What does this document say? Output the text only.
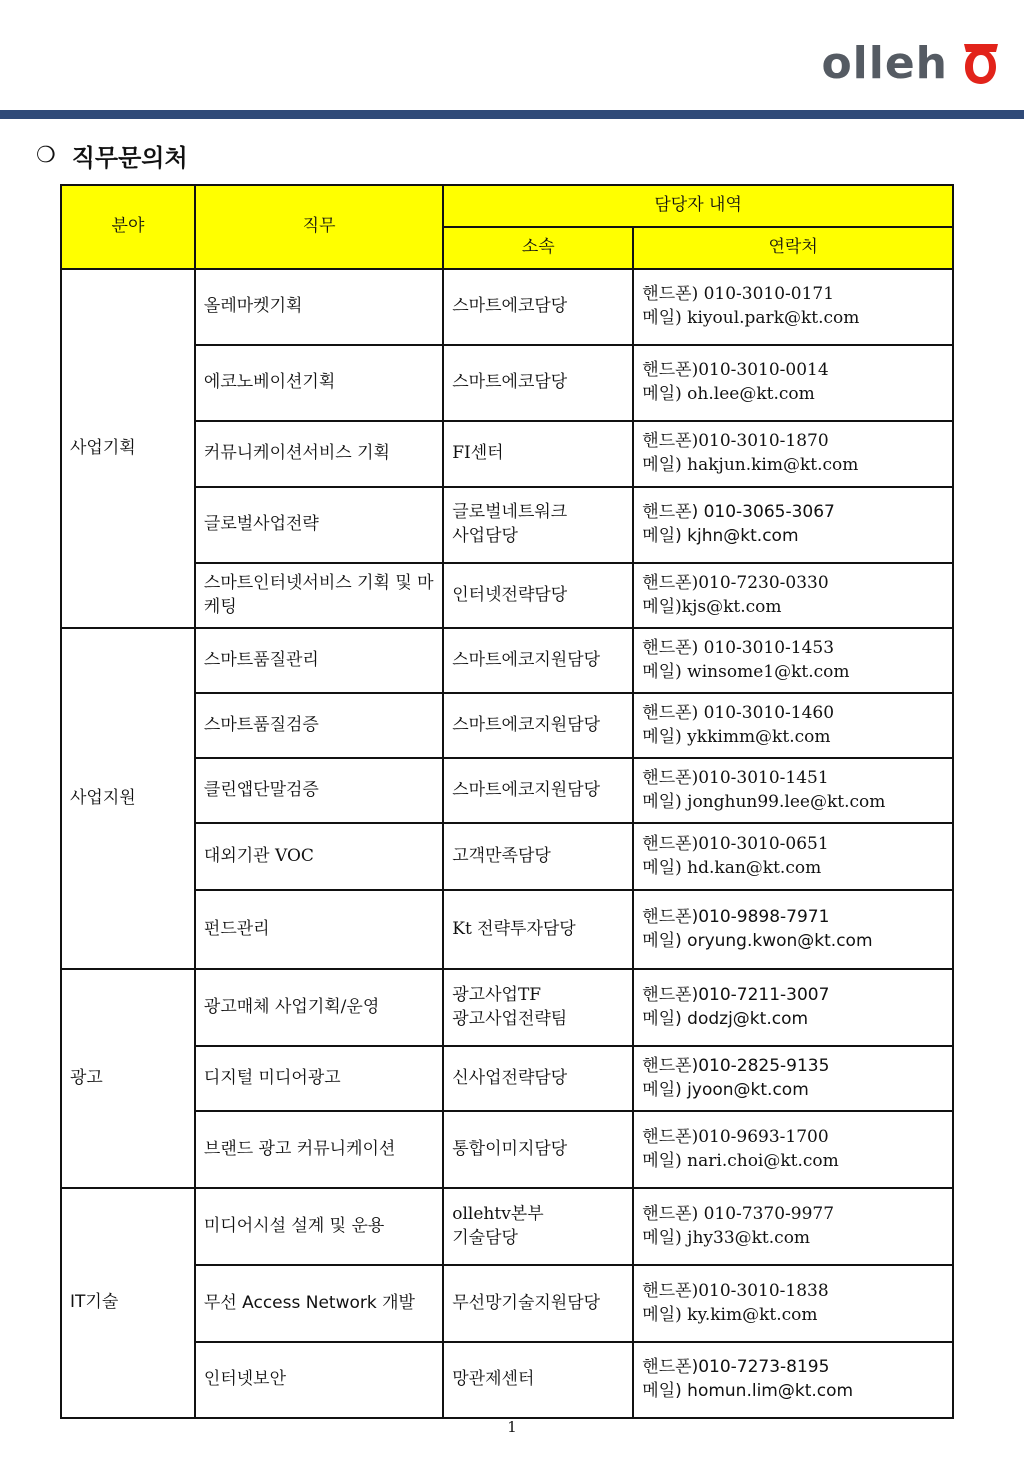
olleh
❍ 직무문의처
분야	직무	담당자 내역	
		소속	연락처
사업기획	올레마켓기획	스마트에코담당	핸드폰) 010-3010-0171
메일) kiyoul.park@kt.com

	에코노베이션기획	스마트에코담당	핸드폰)010-3010-0014
메일) oh.lee@kt.com

	커뮤니케이션서비스 기획	FI센터	핸드폰)010-3010-1870
메일) hakjun.kim@kt.com

	글로벌사업전략	글로벌네트워크
사업담당	핸드폰) 010-3065-3067
메일) kjhn@kt.com

	스마트인터넷서비스 기획 및 마케팅	인터넷전략담당	핸드폰)010-7230-0330
메일)kjs@kt.com

사업지원	스마트품질관리	스마트에코지원담당	핸드폰) 010-3010-1453
메일) winsome1@kt.com

	스마트품질검증	스마트에코지원담당	핸드폰) 010-3010-1460
메일) ykkimm@kt.com

	클린앱단말검증	스마트에코지원담당	핸드폰)010-3010-1451
메일) jonghun99.lee@kt.com

	대외기관 VOC	고객만족담당	핸드폰)010-3010-0651
메일) hd.kan@kt.com

	펀드관리	Kt 전략투자담당	핸드폰)010-9898-7971
메일) oryung.kwon@kt.com

광고	광고매체 사업기획/운영	광고사업TF
광고사업전략팀	핸드폰)010-7211-3007
메일) dodzj@kt.com

	디지털 미디어광고	신사업전략담당	핸드폰)010-2825-9135
메일) jyoon@kt.com

	브랜드 광고 커뮤니케이션	통합이미지담당	핸드폰)010-9693-1700
메일) nari.choi@kt.com

IT기술	미디어시설 설계 및 운용	ollehtv본부
기술담당	핸드폰) 010-7370-9977
메일) jhy33@kt.com

	무선 Access Network 개발	무선망기술지원담당	핸드폰)010-3010-1838
메일) ky.kim@kt.com

	인터넷보안	망관제센터	핸드폰)010-7273-8195
메일) homun.lim@kt.com
1
